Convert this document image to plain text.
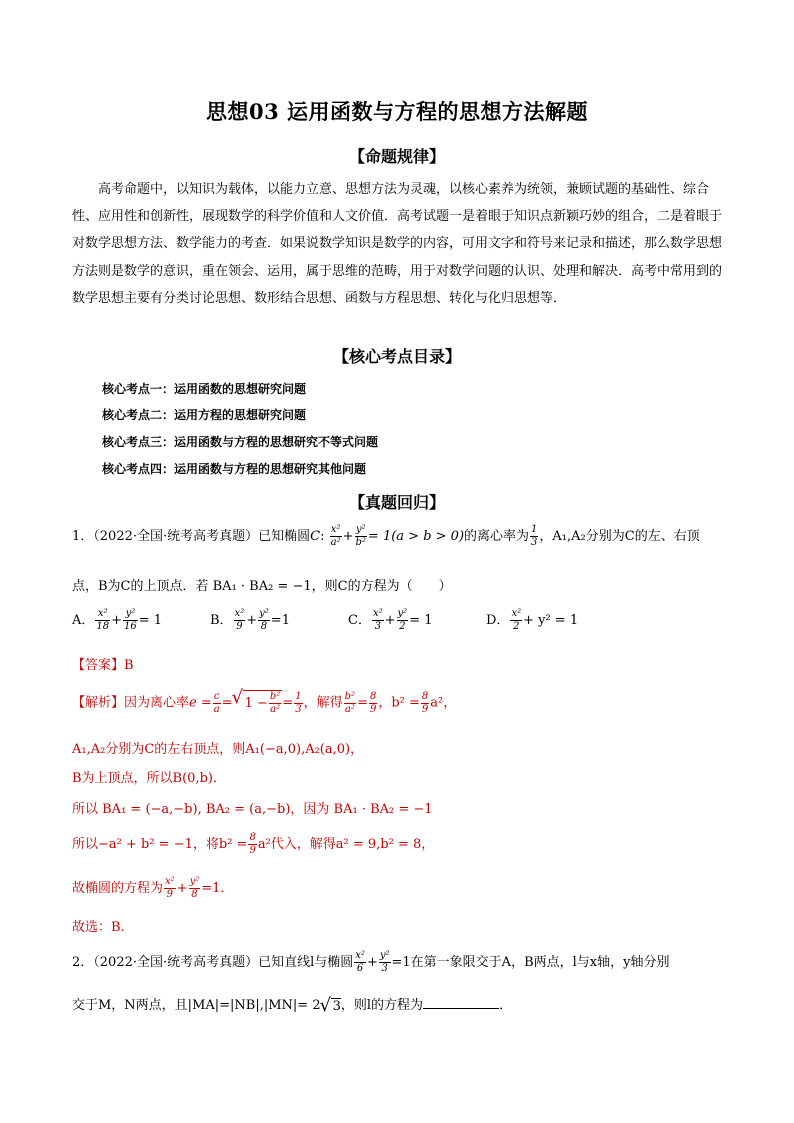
思想03 运用函数与方程的思想方法解题
【命题规律】

高考命题中，以知识为载体，以能力立意、思想方法为灵魂，以核心素养为统领，兼顾试题的基础性、综合性、应用性和创新性，展现数学的科学价值和人文价值．高考试题一是着眼于知识点新颖巧妙的组合，二是着眼于对数学思想方法、数学能力的考查．如果说数学知识是数学的内容，可用文字和符号来记录和描述，那么数学思想方法则是数学的意识，重在领会、运用，属于思维的范畴，用于对数学问题的认识、处理和解决．高考中常用到的数学思想主要有分类讨论思想、数形结合思想、函数与方程思想、转化与化归思想等．

【核心考点目录】
核心考点一：运用函数的思想研究问题
核心考点二：运用方程的思想研究问题
核心考点三：运用函数与方程的思想研究不等式问题
核心考点四：运用函数与方程的思想研究其他问题
【真题回归】
1．（2022·全国·统考高考真题）已知椭圆C: $\frac{\text{x²}}{\text{a²}} + \frac{\text{y²}}{\text{b²}} = 1(a > b > 0)$的离心率为 $\frac{1}{3}$ ，A₁,A₂分别为C的左、右顶
点，B为C的上顶点．若 BA₁ · BA₂ = −1，则C的方程为（　　）
A． $\frac{\text{x²}}{18} + \frac{\text{y²}}{16} = 1$	B． $\frac{\text{x²}}{9} + \frac{\text{y²}}{8} =1$	C． $\frac{\text{x²}}{3} + \frac{\text{y²}}{2} = 1$	D． $\frac{\text{x²}}{2} + y^2 = 1$
【答案】B
【解析】因为离心率$e = \frac{c}{a}$ = √ $1 - \frac{\text{b²}}{\text{a²}} = \frac{1}{3}$ ，解得 $\frac{\text{b²}}{\text{a²}} = \frac{8}{9}$ ，$b^2 = \frac{8}{9} a^2$，
A₁,A₂分别为C的左右顶点，则A₁(−a,0),A₂(a,0)，
B为上顶点，所以B(0,b)．
所以 BA₁ = (−a,−b), BA₂ = (a,−b)，因为 BA₁ · BA₂ = −1
所以−a² + b² = −1，将$b^2 = \frac{8}{9} a^2$代入，解得a² = 9,b² = 8，
故椭圆的方程为 $\frac{\text{x²}}{9} + \frac{\text{y²}}{8} =1$．
故选：B.
2．（2022·全国·统考高考真题）已知直线l与椭圆 $\frac{\text{x²}}{6} + \frac{\text{y²}}{3} =1$在第一象限交于A，B两点，l与x轴，y轴分别
交于M，N两点，且|MA|=|NB|,|MN|= 2 √ 3，则l的方程为	．
